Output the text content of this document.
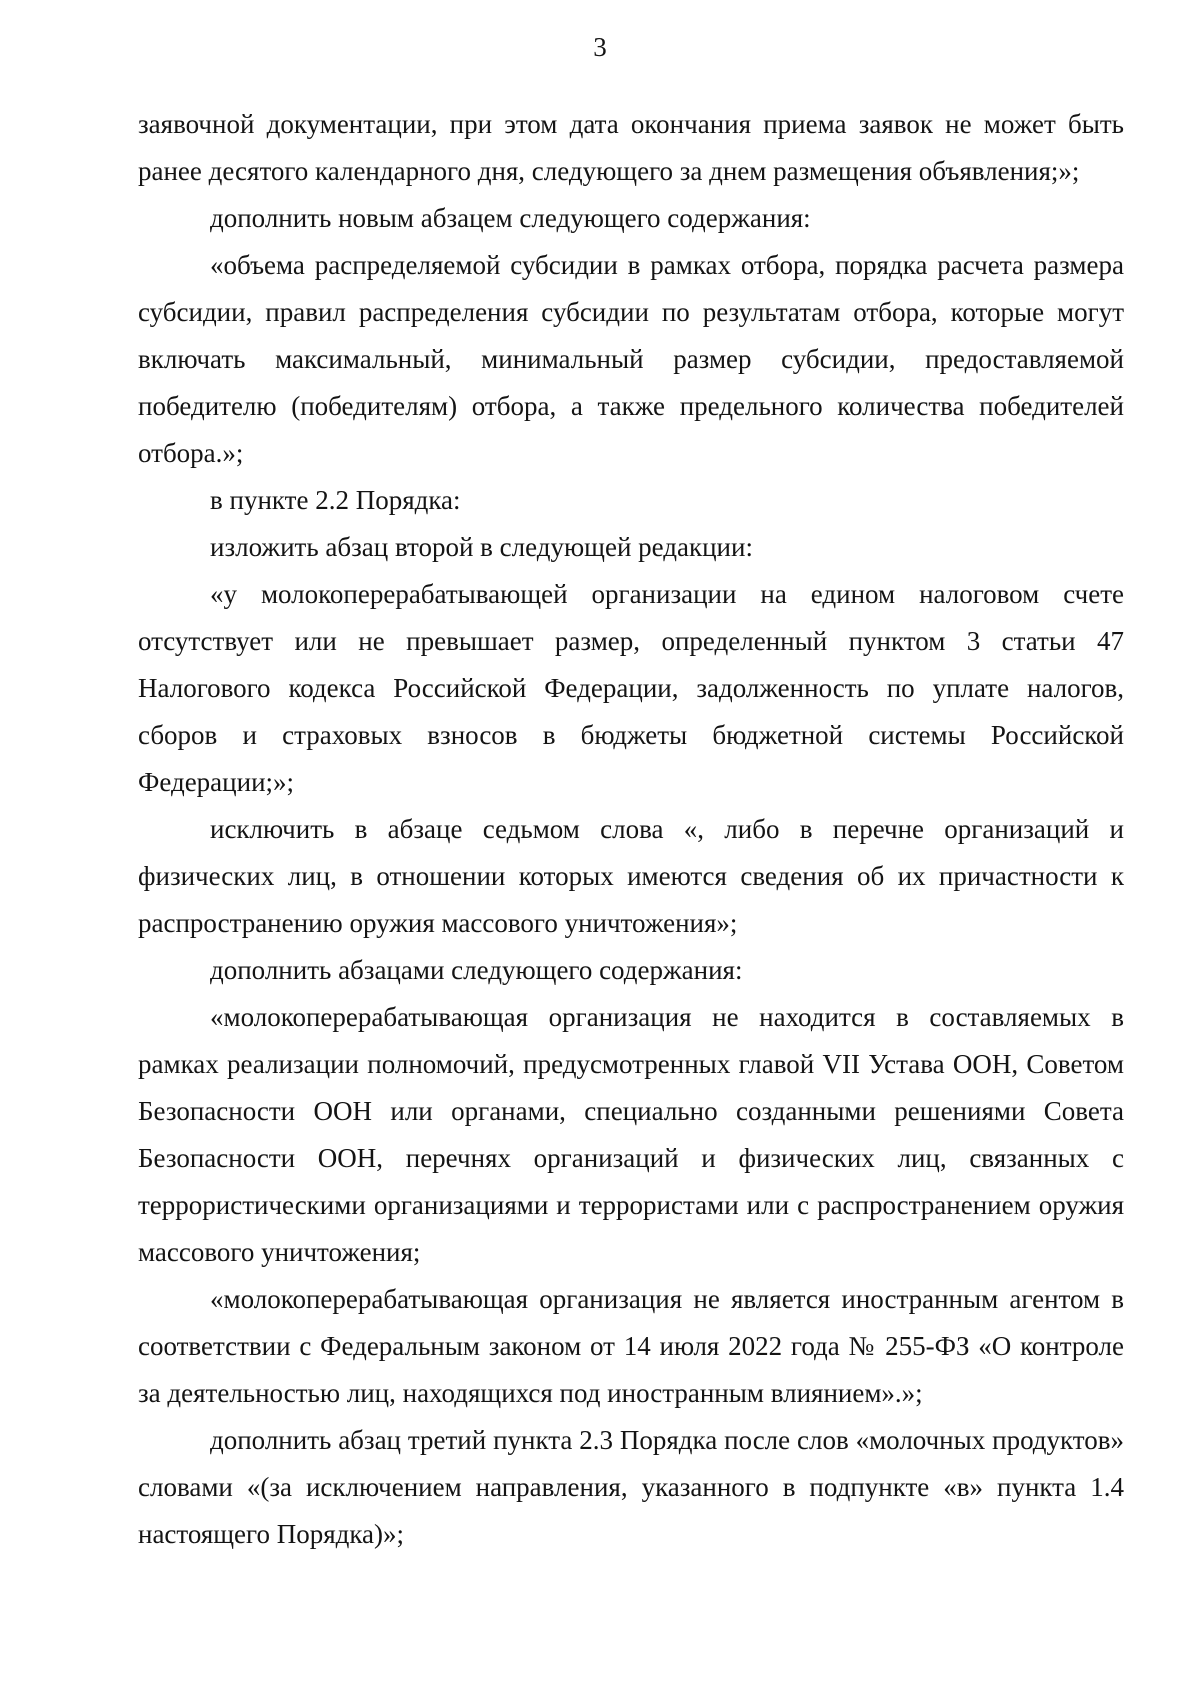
3

заявочной документации, при этом дата окончания приема заявок не может быть ранее десятого календарного дня, следующего за днем размещения объявления;»;

дополнить новым абзацем следующего содержания:

«объема распределяемой субсидии в рамках отбора, порядка расчета размера субсидии, правил распределения субсидии по результатам отбора, которые могут включать максимальный, минимальный размер субсидии, предоставляемой победителю (победителям) отбора, а также предельного количества победителей отбора.»;

в пункте 2.2 Порядка:

изложить абзац второй в следующей редакции:

«у молокоперерабатывающей организации на едином налоговом счете отсутствует или не превышает размер, определенный пунктом 3 статьи 47 Налогового кодекса Российской Федерации, задолженность по уплате налогов, сборов и страховых взносов в бюджеты бюджетной системы Российской Федерации;»;

исключить в абзаце седьмом слова «, либо в перечне организаций и физических лиц, в отношении которых имеются сведения об их причастности к распространению оружия массового уничтожения»;

дополнить абзацами следующего содержания:

«молокоперерабатывающая организация не находится в составляемых в рамках реализации полномочий, предусмотренных главой VII Устава ООН, Советом Безопасности ООН или органами, специально созданными решениями Совета Безопасности ООН, перечнях организаций и физических лиц, связанных с террористическими организациями и террористами или с распространением оружия массового уничтожения;

«молокоперерабатывающая организация не является иностранным агентом в соответствии с Федеральным законом от 14 июля 2022 года № 255-ФЗ «О контроле за деятельностью лиц, находящихся под иностранным влиянием».»;

дополнить абзац третий пункта 2.3 Порядка после слов «молочных продуктов» словами «(за исключением направления, указанного в подпункте «в» пункта 1.4 настоящего Порядка)»;
